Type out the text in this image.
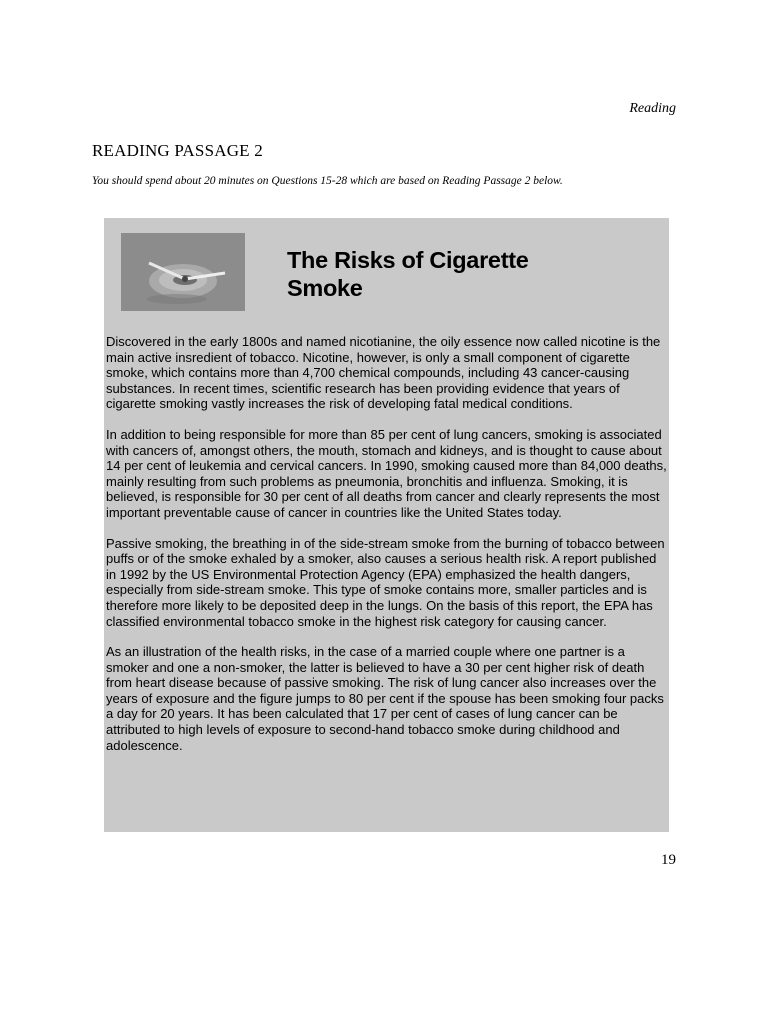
Reading
READING PASSAGE 2
You should spend about 20 minutes on Questions 15-28 which are based on Reading Passage 2 below.
The Risks of Cigarette Smoke

Discovered in the early 1800s and named nicotianine, the oily essence now called nicotine is the main active insredient of tobacco. Nicotine, however, is only a small component of cigarette smoke, which contains more than 4,700 chemical compounds, including 43 cancer-causing substances. In recent times, scientific research has been providing evidence that years of cigarette smoking vastly increases the risk of developing fatal medical conditions.

In addition to being responsible for more than 85 per cent of lung cancers, smoking is associated with cancers of, amongst others, the mouth, stomach and kidneys, and is thought to cause about 14 per cent of leukemia and cervical cancers. In 1990, smoking caused more than 84,000 deaths, mainly resulting from such problems as pneumonia, bronchitis and influenza. Smoking, it is believed, is responsible for 30 per cent of all deaths from cancer and clearly represents the most important preventable cause of cancer in countries like the United States today.

Passive smoking, the breathing in of the side-stream smoke from the burning of tobacco between puffs or of the smoke exhaled by a smoker, also causes a serious health risk. A report published in 1992 by the US Environmental Protection Agency (EPA) emphasized the health dangers, especially from side-stream smoke. This type of smoke contains more, smaller particles and is therefore more likely to be deposited deep in the lungs. On the basis of this report, the EPA has classified environmental tobacco smoke in the highest risk category for causing cancer.

As an illustration of the health risks, in the case of a married couple where one partner is a smoker and one a non-smoker, the latter is believed to have a 30 per cent higher risk of death from heart disease because of passive smoking. The risk of lung cancer also increases over the years of exposure and the figure jumps to 80 per cent if the spouse has been smoking four packs a day for 20 years. It has been calculated that 17 per cent of cases of lung cancer can be attributed to high levels of exposure to second-hand tobacco smoke during childhood and adolescence.

19
